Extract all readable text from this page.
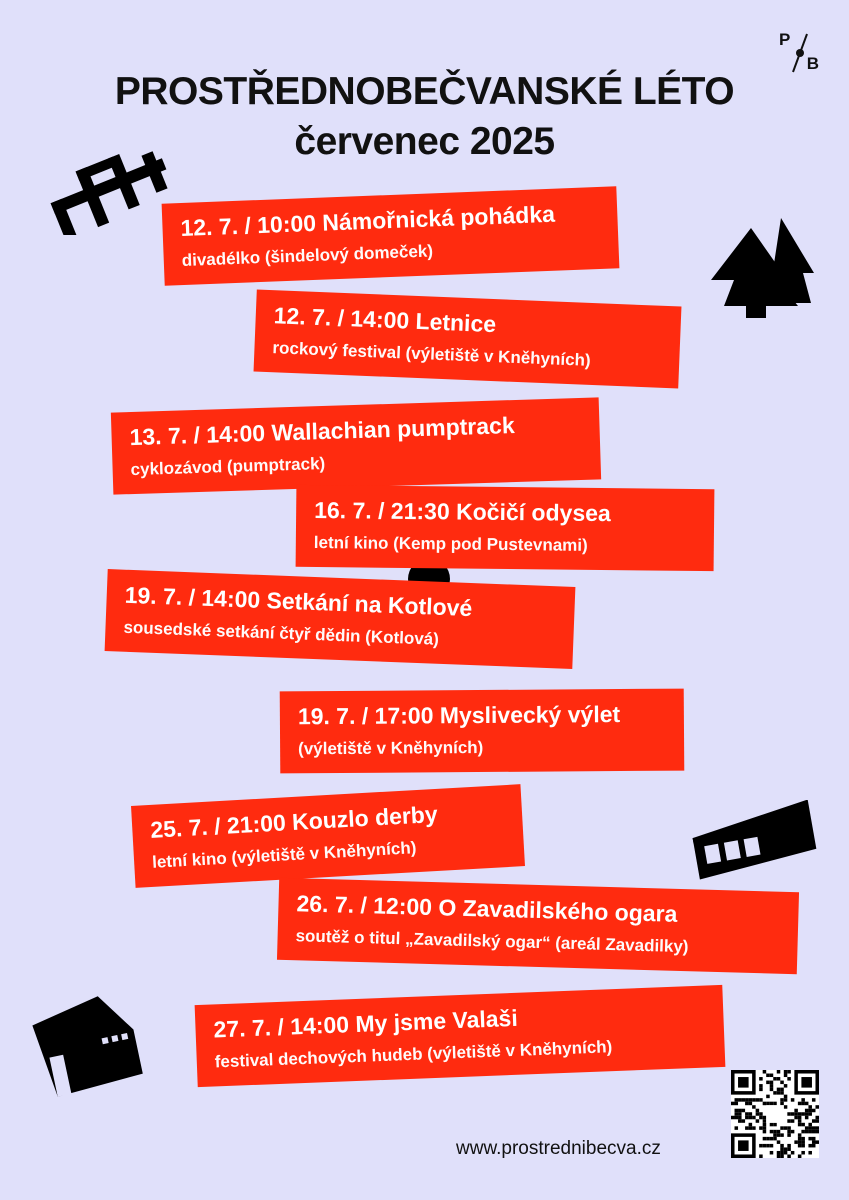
PROSTŘEDNOBEČVANSKÉ LÉTO
červenec 2025
P
B
12. 7. / 10:00 Námořnická pohádka
divadélko (šindelový domeček)
12. 7. / 14:00 Letnice
rockový festival (výletiště v Kněhyních)
13. 7. / 14:00 Wallachian pumptrack
cyklozávod (pumptrack)
16. 7. / 21:30 Kočičí odysea
letní kino (Kemp pod Pustevnami)
19. 7. / 14:00 Setkání na Kotlové
sousedské setkání čtyř dědin (Kotlová)
19. 7. / 17:00 Myslivecký výlet
(výletiště v Kněhyních)
25. 7. / 21:00 Kouzlo derby
letní kino (výletiště v Kněhyních)
26. 7. / 12:00 O Zavadilského ogara
soutěž o titul „Zavadilský ogar“ (areál Zavadilky)
27. 7. / 14:00 My jsme Valaši
festival dechových hudeb (výletiště v Kněhyních)
www.prostrednibecva.cz
